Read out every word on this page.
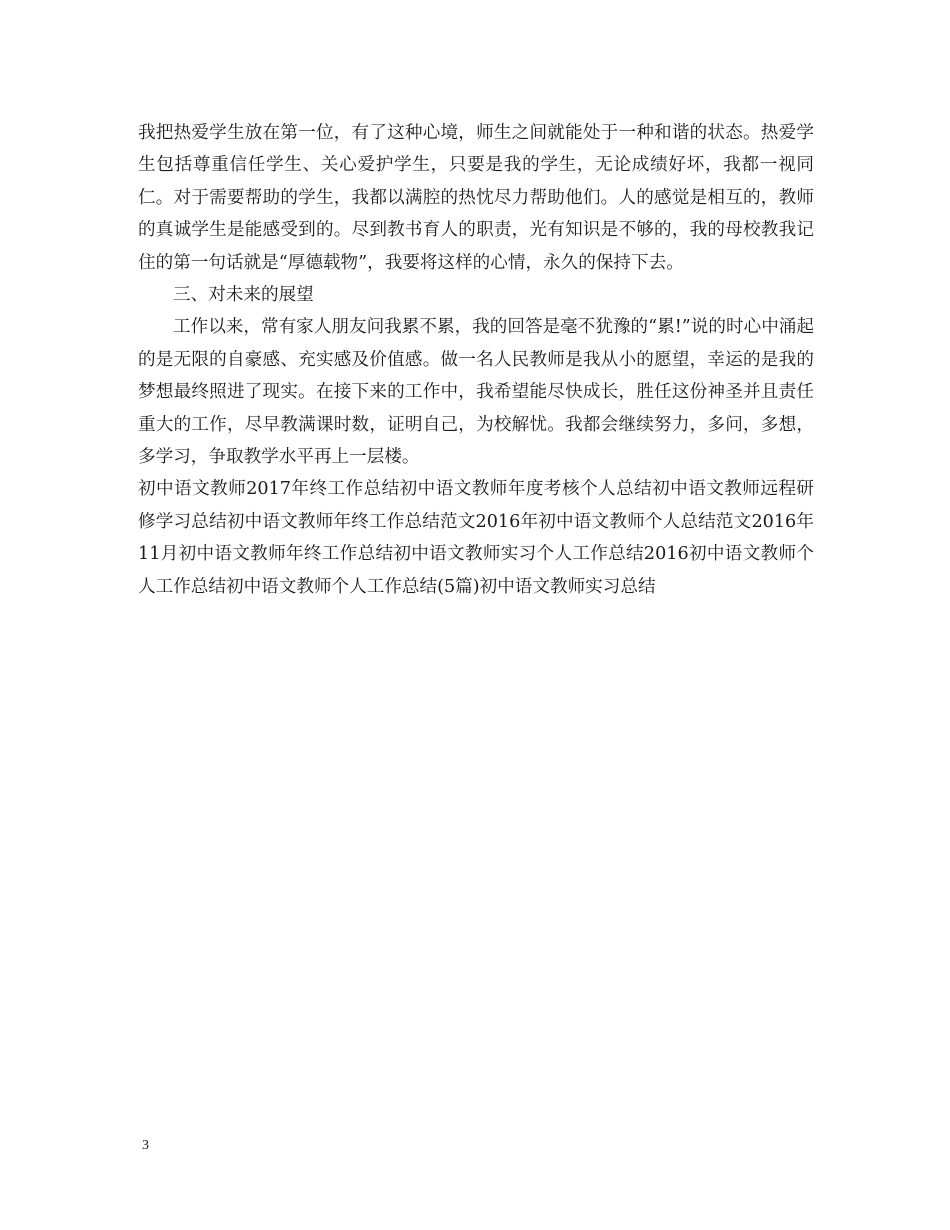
我把热爱学生放在第一位，有了这种心境，师生之间就能处于一种和谐的状态。热爱学生包括尊重信任学生、关心爱护学生，只要是我的学生，无论成绩好坏，我都一视同仁。对于需要帮助的学生，我都以满腔的热忱尽力帮助他们。人的感觉是相互的，教师的真诚学生是能感受到的。尽到教书育人的职责，光有知识是不够的，我的母校教我记住的第一句话就是“厚德载物”，我要将这样的心情，永久的保持下去。

三、对未来的展望

工作以来，常有家人朋友问我累不累，我的回答是毫不犹豫的“累!”说的时心中涌起的是无限的自豪感、充实感及价值感。做一名人民教师是我从小的愿望，幸运的是我的梦想最终照进了现实。在接下来的工作中，我希望能尽快成长，胜任这份神圣并且责任重大的工作，尽早教满课时数，证明自己，为校解忧。我都会继续努力，多问，多想，多学习，争取教学水平再上一层楼。

初中语文教师2017年终工作总结初中语文教师年度考核个人总结初中语文教师远程研修学习总结初中语文教师年终工作总结范文2016年初中语文教师个人总结范文2016年11月初中语文教师年终工作总结初中语文教师实习个人工作总结2016初中语文教师个人工作总结初中语文教师个人工作总结(5篇)初中语文教师实习总结

3
